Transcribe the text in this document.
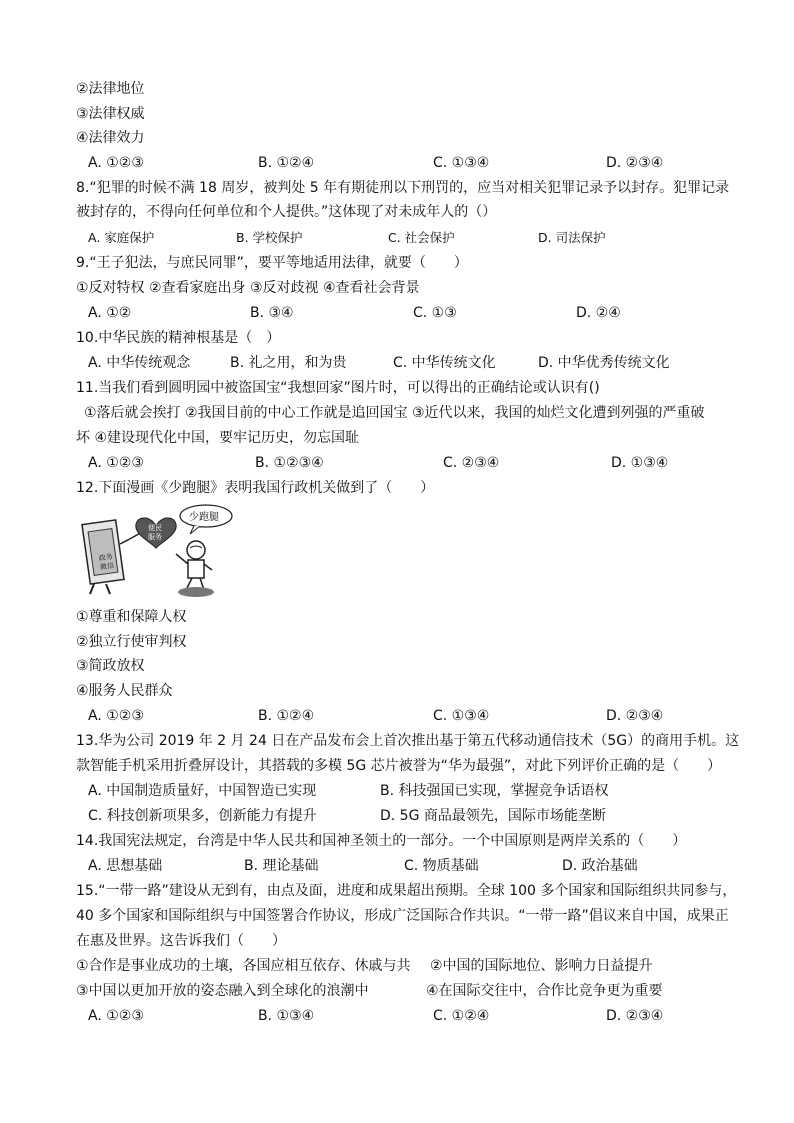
②法律地位
③法律权威
④法律效力
A. ①②③	B. ①②④	C. ①③④	D. ②③④
8.“犯罪的时候不满 18 周岁，被判处 5 年有期徒刑以下刑罚的，应当对相关犯罪记录予以封存。犯罪记录
被封存的，不得向任何单位和个人提供。”这体现了对未成年人的（）
A. 家庭保护	B. 学校保护	C. 社会保护	D. 司法保护
9.“王子犯法，与庶民同罪”，要平等地适用法律，就要（　　）
①反对特权 ②查看家庭出身 ③反对歧视 ④查看社会背景
A. ①②	B. ③④	C. ①③	D. ②④
10.中华民族的精神根基是（　）
A. 中华传统观念	B. 礼之用，和为贵	C. 中华传统文化	D. 中华优秀传统文化
11.当我们看到圆明园中被盗国宝“我想回家”图片时，可以得出的正确结论或认识有()
①落后就会挨打 ②我国目前的中心工作就是追回国宝 ③近代以来，我国的灿烂文化遭到列强的严重破
坏 ④建设现代化中国，要牢记历史，勿忘国耻
A. ①②③	B. ①②③④	C. ②③④	D. ①③④
12.下面漫画《少跑腿》表明我国行政机关做到了（　　）
政务
微信
便民
服务
少跑腿
①尊重和保障人权
②独立行使审判权
③简政放权
④服务人民群众
A. ①②③	B. ①②④	C. ①③④	D. ②③④
13.华为公司 2019 年 2 月 24 日在产品发布会上首次推出基于第五代移动通信技术（5G）的商用手机。这
款智能手机采用折叠屏设计，其搭载的多模 5G 芯片被誉为“华为最强”，对此下列评价正确的是（　　）
A. 中国制造质量好，中国智造已实现	B. 科技强国已实现，掌握竞争话语权
C. 科技创新项果多，创新能力有提升	D. 5G 商品最领先，国际市场能垄断
14.我国宪法规定，台湾是中华人民共和国神圣领土的一部分。一个中国原则是两岸关系的（　　）
A. 思想基础	B. 理论基础	C. 物质基础	D. 政治基础
15.“一带一路”建设从无到有，由点及面，进度和成果超出预期。全球 100 多个国家和国际组织共同参与，
40 多个国家和国际组织与中国签署合作协议，形成广泛国际合作共识。“一带一路”倡议来自中国，成果正
在惠及世界。这告诉我们（　　）
①合作是事业成功的土壤，各国应相互依存、休戚与共 ②中国的国际地位、影响力日益提升
③中国以更加开放的姿态融入到全球化的浪潮中	④在国际交往中，合作比竞争更为重要
A. ①②③	B. ①③④	C. ①②④	D. ②③④
